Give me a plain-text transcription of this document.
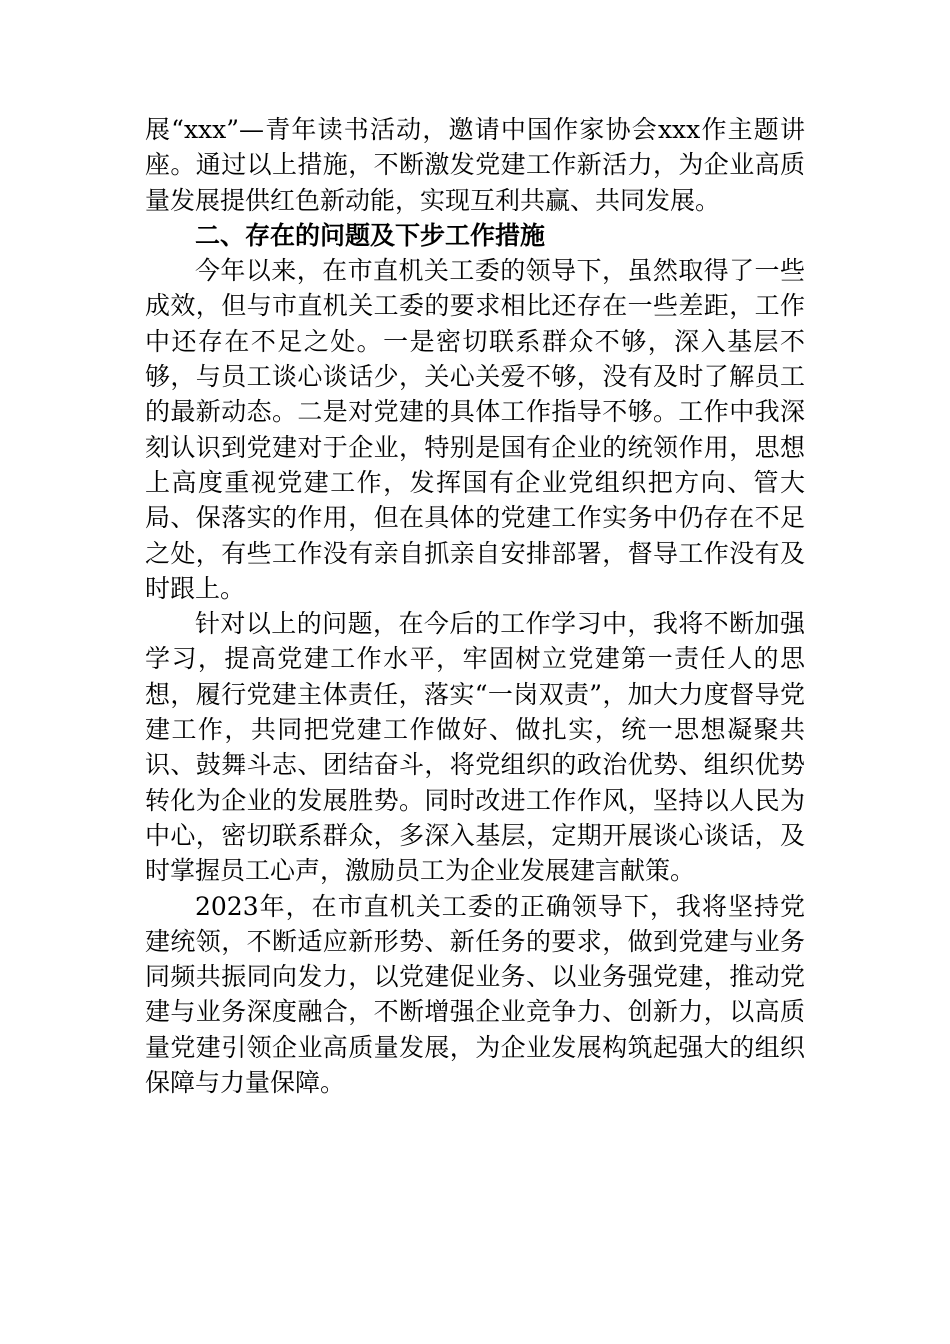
展“xxx”—青年读书活动，邀请中国作家协会xxx作主题讲座。通过以上措施，不断激发党建工作新活力，为企业高质量发展提供红色新动能，实现互利共赢、共同发展。

二、存在的问题及下步工作措施

今年以来，在市直机关工委的领导下，虽然取得了一些成效，但与市直机关工委的要求相比还存在一些差距，工作中还存在不足之处。一是密切联系群众不够，深入基层不够，与员工谈心谈话少，关心关爱不够，没有及时了解员工的最新动态。二是对党建的具体工作指导不够。工作中我深刻认识到党建对于企业，特别是国有企业的统领作用，思想上高度重视党建工作，发挥国有企业党组织把方向、管大局、保落实的作用，但在具体的党建工作实务中仍存在不足之处，有些工作没有亲自抓亲自安排部署，督导工作没有及时跟上。

针对以上的问题，在今后的工作学习中，我将不断加强学习，提高党建工作水平，牢固树立党建第一责任人的思想，履行党建主体责任，落实“一岗双责”，加大力度督导党建工作，共同把党建工作做好、做扎实，统一思想凝聚共识、鼓舞斗志、团结奋斗，将党组织的政治优势、组织优势转化为企业的发展胜势。同时改进工作作风，坚持以人民为中心，密切联系群众，多深入基层，定期开展谈心谈话，及时掌握员工心声，激励员工为企业发展建言献策。

2023年，在市直机关工委的正确领导下，我将坚持党建统领，不断适应新形势、新任务的要求，做到党建与业务同频共振同向发力，以党建促业务、以业务强党建，推动党建与业务深度融合，不断增强企业竞争力、创新力，以高质量党建引领企业高质量发展，为企业发展构筑起强大的组织保障与力量保障。
